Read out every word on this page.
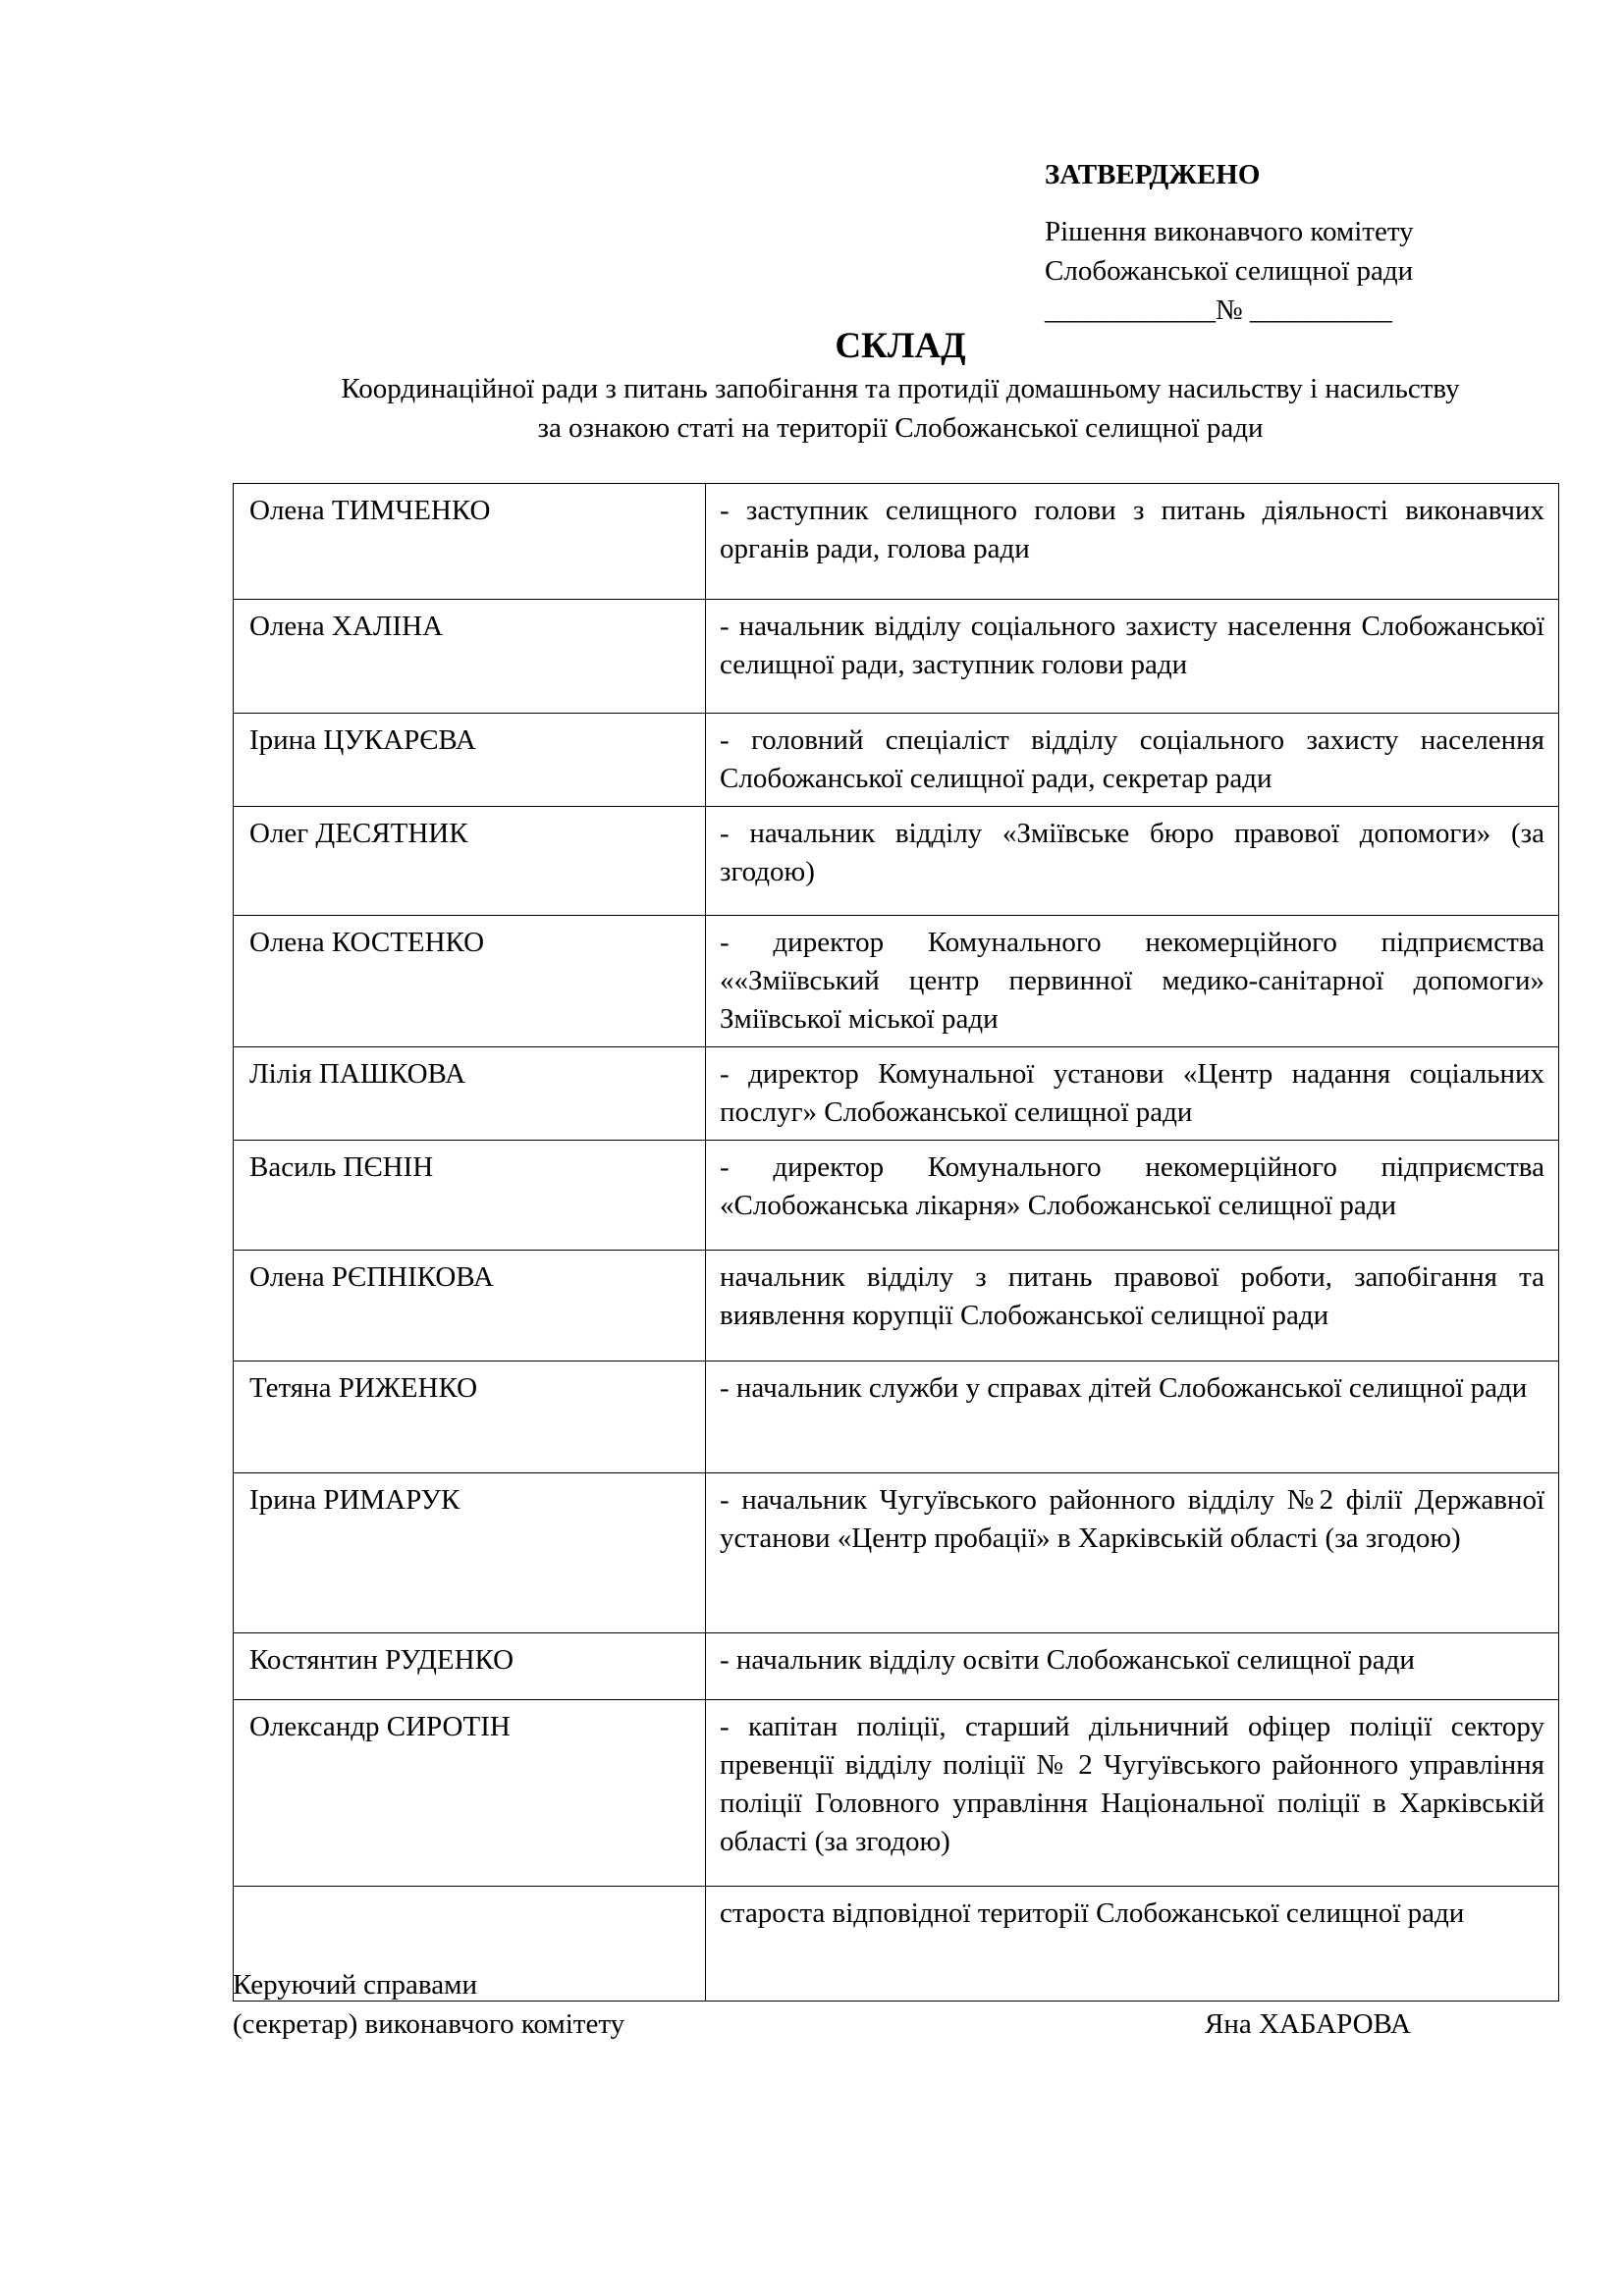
ЗАТВЕРДЖЕНО
Рішення виконавчого комітету
Слобожанської селищної ради
____________№ __________
СКЛАД
Координаційної ради з питань запобігання та протидії домашньому насильству і насильству
за ознакою статі на території Слобожанської селищної ради
Олена ТИМЧЕНКО	- заступник селищного голови з питань діяльності виконавчих органів ради, голова ради
Олена ХАЛІНА	- начальник відділу соціального захисту населення Слобожанської селищної ради, заступник голови ради
Ірина ЦУКАРЄВА	- головний спеціаліст відділу соціального захисту населення Слобожанської селищної ради, секретар ради
Олег ДЕСЯТНИК	- начальник відділу «Зміївське бюро правової допомоги» (за згодою)
Олена КОСТЕНКО	- директор Комунального некомерційного підприємства ««Зміївський центр первинної медико-санітарної допомоги» Зміївської міської ради
Лілія ПАШКОВА	- директор Комунальної установи «Центр надання соціальних послуг» Слобожанської селищної ради
Василь ПЄНІН	- директор Комунального некомерційного підприємства «Слобожанська лікарня» Слобожанської селищної ради
Олена РЄПНІКОВА	начальник відділу з питань правової роботи, запобігання та виявлення корупції Слобожанської селищної ради
Тетяна РИЖЕНКО	- начальник служби у справах дітей Слобожанської селищної ради
Ірина РИМАРУК	- начальник Чугуївського районного відділу №2 філії Державної установи «Центр пробації» в Харківській області (за згодою)
Костянтин РУДЕНКО	- начальник відділу освіти Слобожанської селищної ради
Олександр СИРОТІН	- капітан поліції, старший дільничний офіцер поліції сектору превенції відділу поліції № 2 Чугуївського районного управління поліції Головного управління Національної поліції в Харківській області (за згодою)
	староста відповідної території Слобожанської селищної ради
Керуючий справами
(секретар) виконавчого комітету	Яна ХАБАРОВА
